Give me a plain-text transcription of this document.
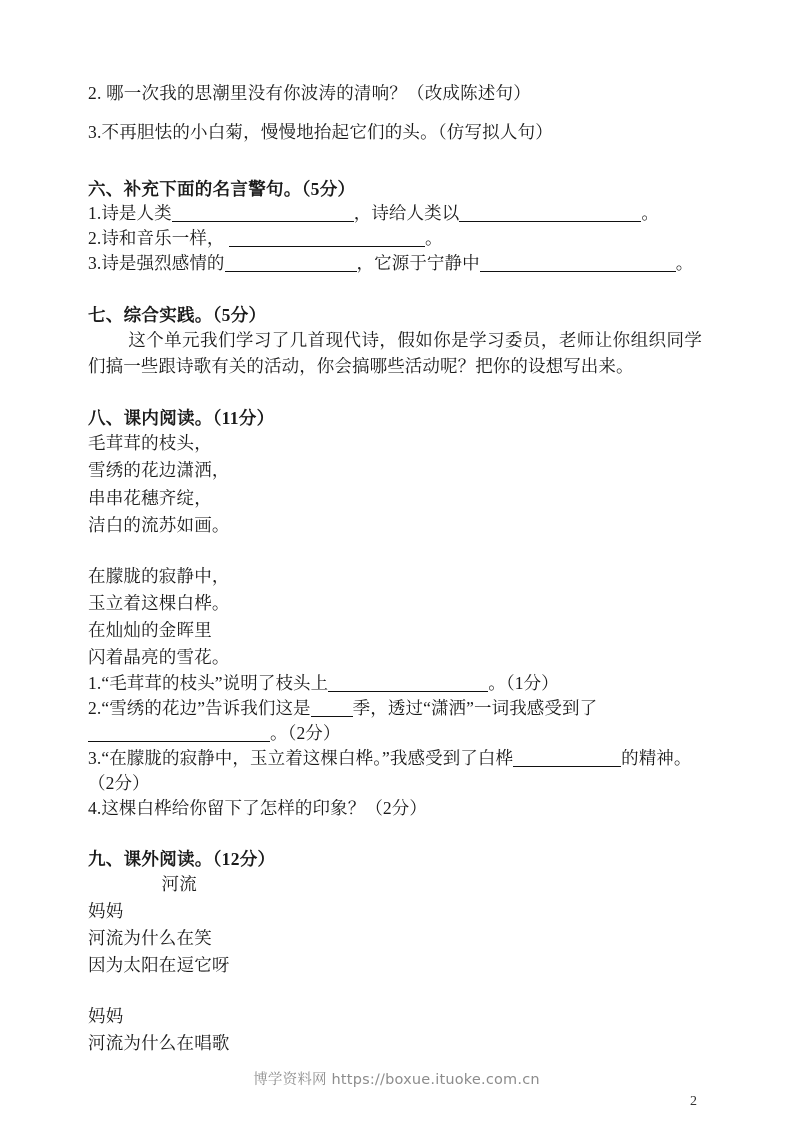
2. 哪一次我的思潮里没有你波涛的清响？（改成陈述句）

3.不再胆怯的小白菊，慢慢地抬起它们的头。（仿写拟人句）

六、补充下面的名言警句。（5分）

1.诗是人类	，诗给人类以	。

2.诗和音乐一样，	。

3.诗是强烈感情的	，它源于宁静中	。

七、综合实践。（5分）

这个单元我们学习了几首现代诗，假如你是学习委员，老师让你组织同学们搞一些跟诗歌有关的活动，你会搞哪些活动呢？把你的设想写出来。

八、课内阅读。（11分）

毛茸茸的枝头，

雪绣的花边潇洒，

串串花穗齐绽，

洁白的流苏如画。

在朦胧的寂静中，

玉立着这棵白桦。

在灿灿的金晖里

闪着晶亮的雪花。

1.“毛茸茸的枝头”说明了枝头上	。（1分）

2.“雪绣的花边”告诉我们这是 季，透过“潇洒”一词我感受到了。（2分）

3.“在朦胧的寂静中，玉立着这棵白桦。”我感受到了白桦	的精神。（2分）

4.这棵白桦给你留下了怎样的印象？（2分）

九、课外阅读。（12分）

河流

妈妈

河流为什么在笑

因为太阳在逗它呀

妈妈

河流为什么在唱歌

博学资料网 https://boxue.ituoke.com.cn
2
